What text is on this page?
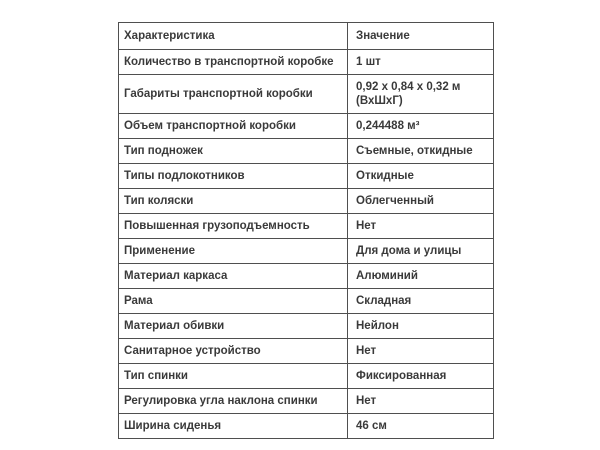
Характеристика	Значение
Количество в транспортной коробке	1 шт
Габариты транспортной коробки	0,92 x 0,84 x 0,32 м (ВхШхГ)
Объем транспортной коробки	0,244488 м³
Тип подножек	Съемные, откидные
Типы подлокотников	Откидные
Тип коляски	Облегченный
Повышенная грузоподъемность	Нет
Применение	Для дома и улицы
Материал каркаса	Алюминий
Рама	Складная
Материал обивки	Нейлон
Санитарное устройство	Нет
Тип спинки	Фиксированная
Регулировка угла наклона спинки	Нет
Ширина сиденья	46 см
